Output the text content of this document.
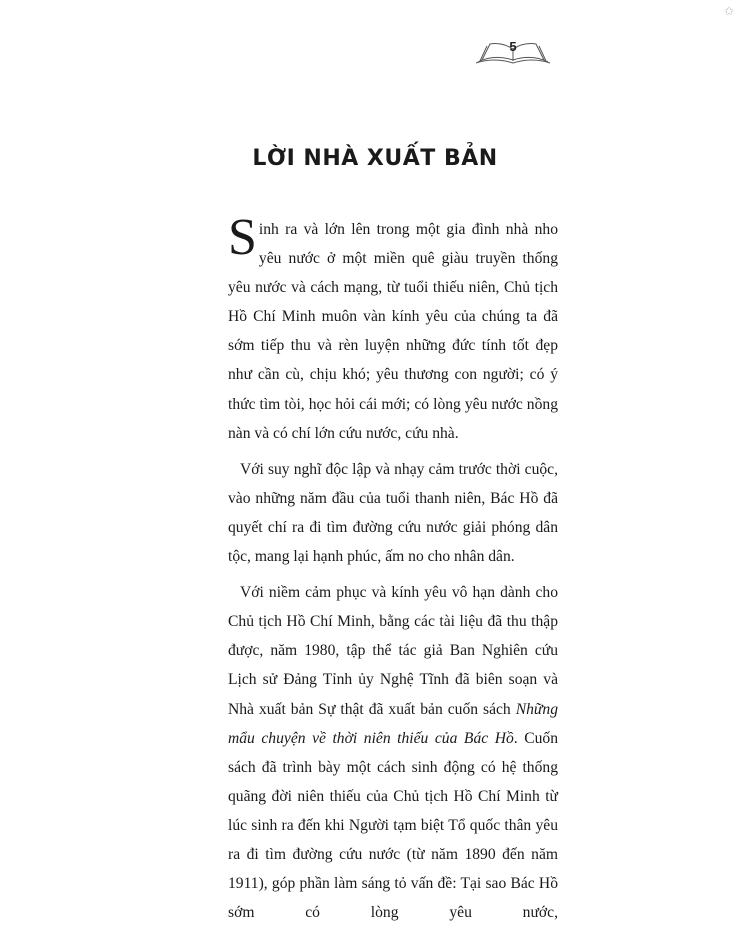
✩
5
LỜI NHÀ XUẤT BẢN

Sinh ra và lớn lên trong một gia đình nhà nho yêu nước ở một miền quê giàu truyền thống yêu nước và cách mạng, từ tuổi thiếu niên, Chủ tịch Hồ Chí Minh muôn vàn kính yêu của chúng ta đã sớm tiếp thu và rèn luyện những đức tính tốt đẹp như cần cù, chịu khó; yêu thương con người; có ý thức tìm tòi, học hỏi cái mới; có lòng yêu nước nồng nàn và có chí lớn cứu nước, cứu nhà.

Với suy nghĩ độc lập và nhạy cảm trước thời cuộc, vào những năm đầu của tuổi thanh niên, Bác Hồ đã quyết chí ra đi tìm đường cứu nước giải phóng dân tộc, mang lại hạnh phúc, ấm no cho nhân dân.

Với niềm cảm phục và kính yêu vô hạn dành cho Chủ tịch Hồ Chí Minh, bằng các tài liệu đã thu thập được, năm 1980, tập thể tác giả Ban Nghiên cứu Lịch sử Đảng Tỉnh ủy Nghệ Tĩnh đã biên soạn và Nhà xuất bản Sự thật đã xuất bản cuốn sách Những mẩu chuyện về thời niên thiếu của Bác Hồ. Cuốn sách đã trình bày một cách sinh động có hệ thống quãng đời niên thiếu của Chủ tịch Hồ Chí Minh từ lúc sinh ra đến khi Người tạm biệt Tổ quốc thân yêu ra đi tìm đường cứu nước (từ năm 1890 đến năm 1911), góp phần làm sáng tỏ vấn đề: Tại sao Bác Hồ sớm có lòng yêu nước,
